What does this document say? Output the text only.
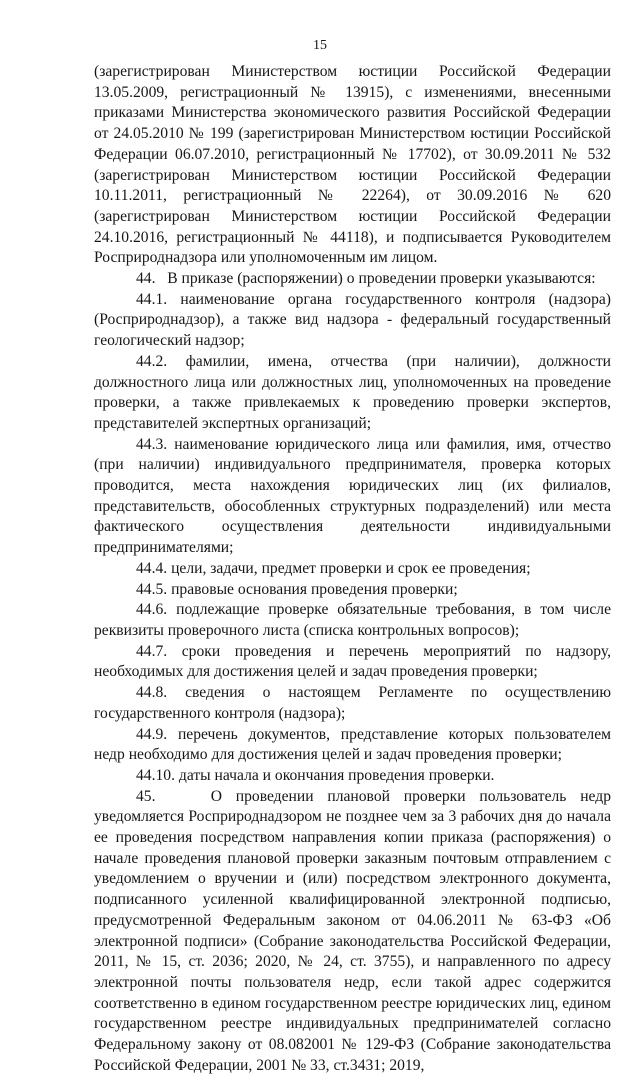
15

(зарегистрирован Министерством юстиции Российской Федерации 13.05.2009, регистрационный № 13915), с изменениями, внесенными приказами Министерства экономического развития Российской Федерации от 24.05.2010 № 199 (зарегистрирован Министерством юстиции Российской Федерации 06.07.2010, регистрационный № 17702), от 30.09.2011 № 532 (зарегистрирован Министерством юстиции Российской Федерации 10.11.2011, регистрационный № 22264), от 30.09.2016 № 620 (зарегистрирован Министерством юстиции Российской Федерации 24.10.2016, регистрационный № 44118), и подписывается Руководителем Росприроднадзора или уполномоченным им лицом.

44.   В приказе (распоряжении) о проведении проверки указываются:

44.1. наименование органа государственного контроля (надзора) (Росприроднадзор), а также вид надзора - федеральный государственный геологический надзор;

44.2. фамилии, имена, отчества (при наличии), должности должностного лица или должностных лиц, уполномоченных на проведение проверки, а также привлекаемых к проведению проверки экспертов, представителей экспертных организаций;

44.3. наименование юридического лица или фамилия, имя, отчество (при наличии) индивидуального предпринимателя, проверка которых проводится, места нахождения юридических лиц (их филиалов, представительств, обособленных структурных подразделений) или места фактического осуществления деятельности индивидуальными предпринимателями;

44.4. цели, задачи, предмет проверки и срок ее проведения;

44.5. правовые основания проведения проверки;

44.6. подлежащие проверке обязательные требования, в том числе реквизиты проверочного листа (списка контрольных вопросов);

44.7. сроки проведения и перечень мероприятий по надзору, необходимых для достижения целей и задач проведения проверки;

44.8. сведения о настоящем Регламенте по осуществлению государственного контроля (надзора);

44.9. перечень документов, представление которых пользователем недр необходимо для достижения целей и задач проведения проверки;

44.10. даты начала и окончания проведения проверки.

45.    О проведении плановой проверки пользователь недр уведомляется Росприроднадзором не позднее чем за 3 рабочих дня до начала ее проведения посредством направления копии приказа (распоряжения) о начале проведения плановой проверки заказным почтовым отправлением с уведомлением о вручении и (или) посредством электронного документа, подписанного усиленной квалифицированной электронной подписью, предусмотренной Федеральным законом от 04.06.2011 № 63-ФЗ «Об электронной подписи» (Собрание законодательства Российской Федерации, 2011, № 15, ст. 2036; 2020, № 24, ст. 3755), и направленного по адресу электронной почты пользователя недр, если такой адрес содержится соответственно в едином государственном реестре юридических лиц, едином государственном реестре индивидуальных предпринимателей согласно Федеральному закону от 08.082001 № 129-ФЗ (Собрание законодательства Российской Федерации, 2001 № 33, ст.3431; 2019,
